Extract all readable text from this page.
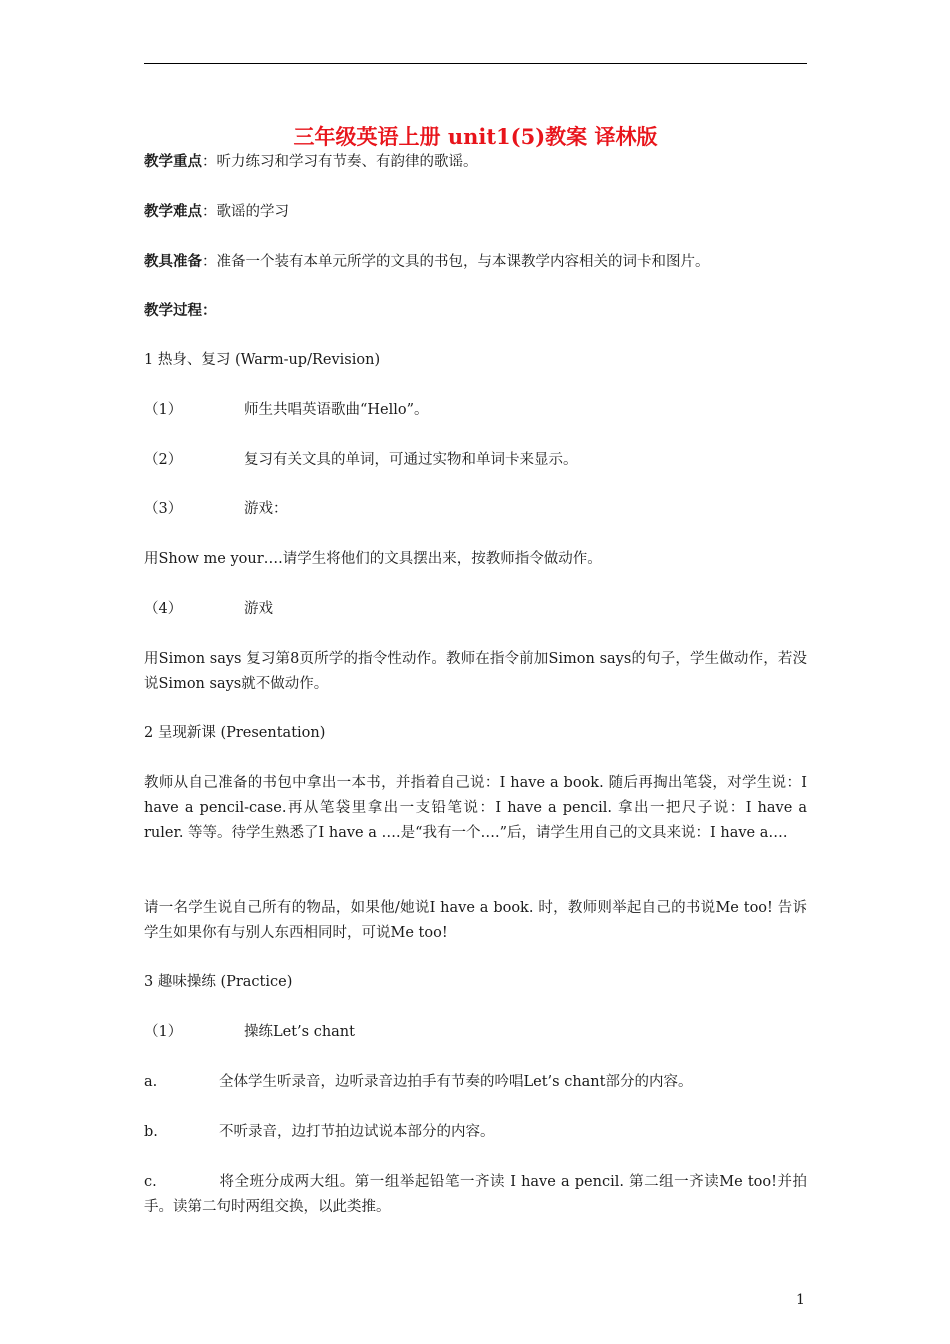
三年级英语上册 unit1(5)教案 译林版
教学重点：听力练习和学习有节奏、有韵律的歌谣。
教学难点：歌谣的学习
教具准备：准备一个装有本单元所学的文具的书包，与本课教学内容相关的词卡和图片。
教学过程：
1 热身、复习 (Warm-up/Revision)
（1）	师生共唱英语歌曲“Hello”。
（2）	复习有关文具的单词，可通过实物和单词卡来显示。
（3）	游戏：
用Show me your….请学生将他们的文具摆出来，按教师指令做动作。
（4）	游戏
用Simon says 复习第8页所学的指令性动作。教师在指令前加Simon says的句子，学生做动作，若没说Simon says就不做动作。
2 呈现新课 (Presentation)
教师从自己准备的书包中拿出一本书，并指着自己说：I have a book. 随后再掏出笔袋，对学生说：I have a pencil-case.再从笔袋里拿出一支铅笔说：I have a pencil. 拿出一把尺子说：I have a ruler. 等等。待学生熟悉了I have a ….是“我有一个….”后，请学生用自己的文具来说：I have a….
请一名学生说自己所有的物品，如果他/她说I have a book. 时，教师则举起自己的书说Me too! 告诉学生如果你有与别人东西相同时，可说Me too!
3 趣味操练 (Practice)
（1）	操练Let’s chant
a.	全体学生听录音，边听录音边拍手有节奏的吟唱Let’s chant部分的内容。
b.	不听录音，边打节拍边试说本部分的内容。
c.	将全班分成两大组。第一组举起铅笔一齐读 I have a pencil. 第二组一齐读Me too!并拍手。读第二句时两组交换，以此类推。
1
